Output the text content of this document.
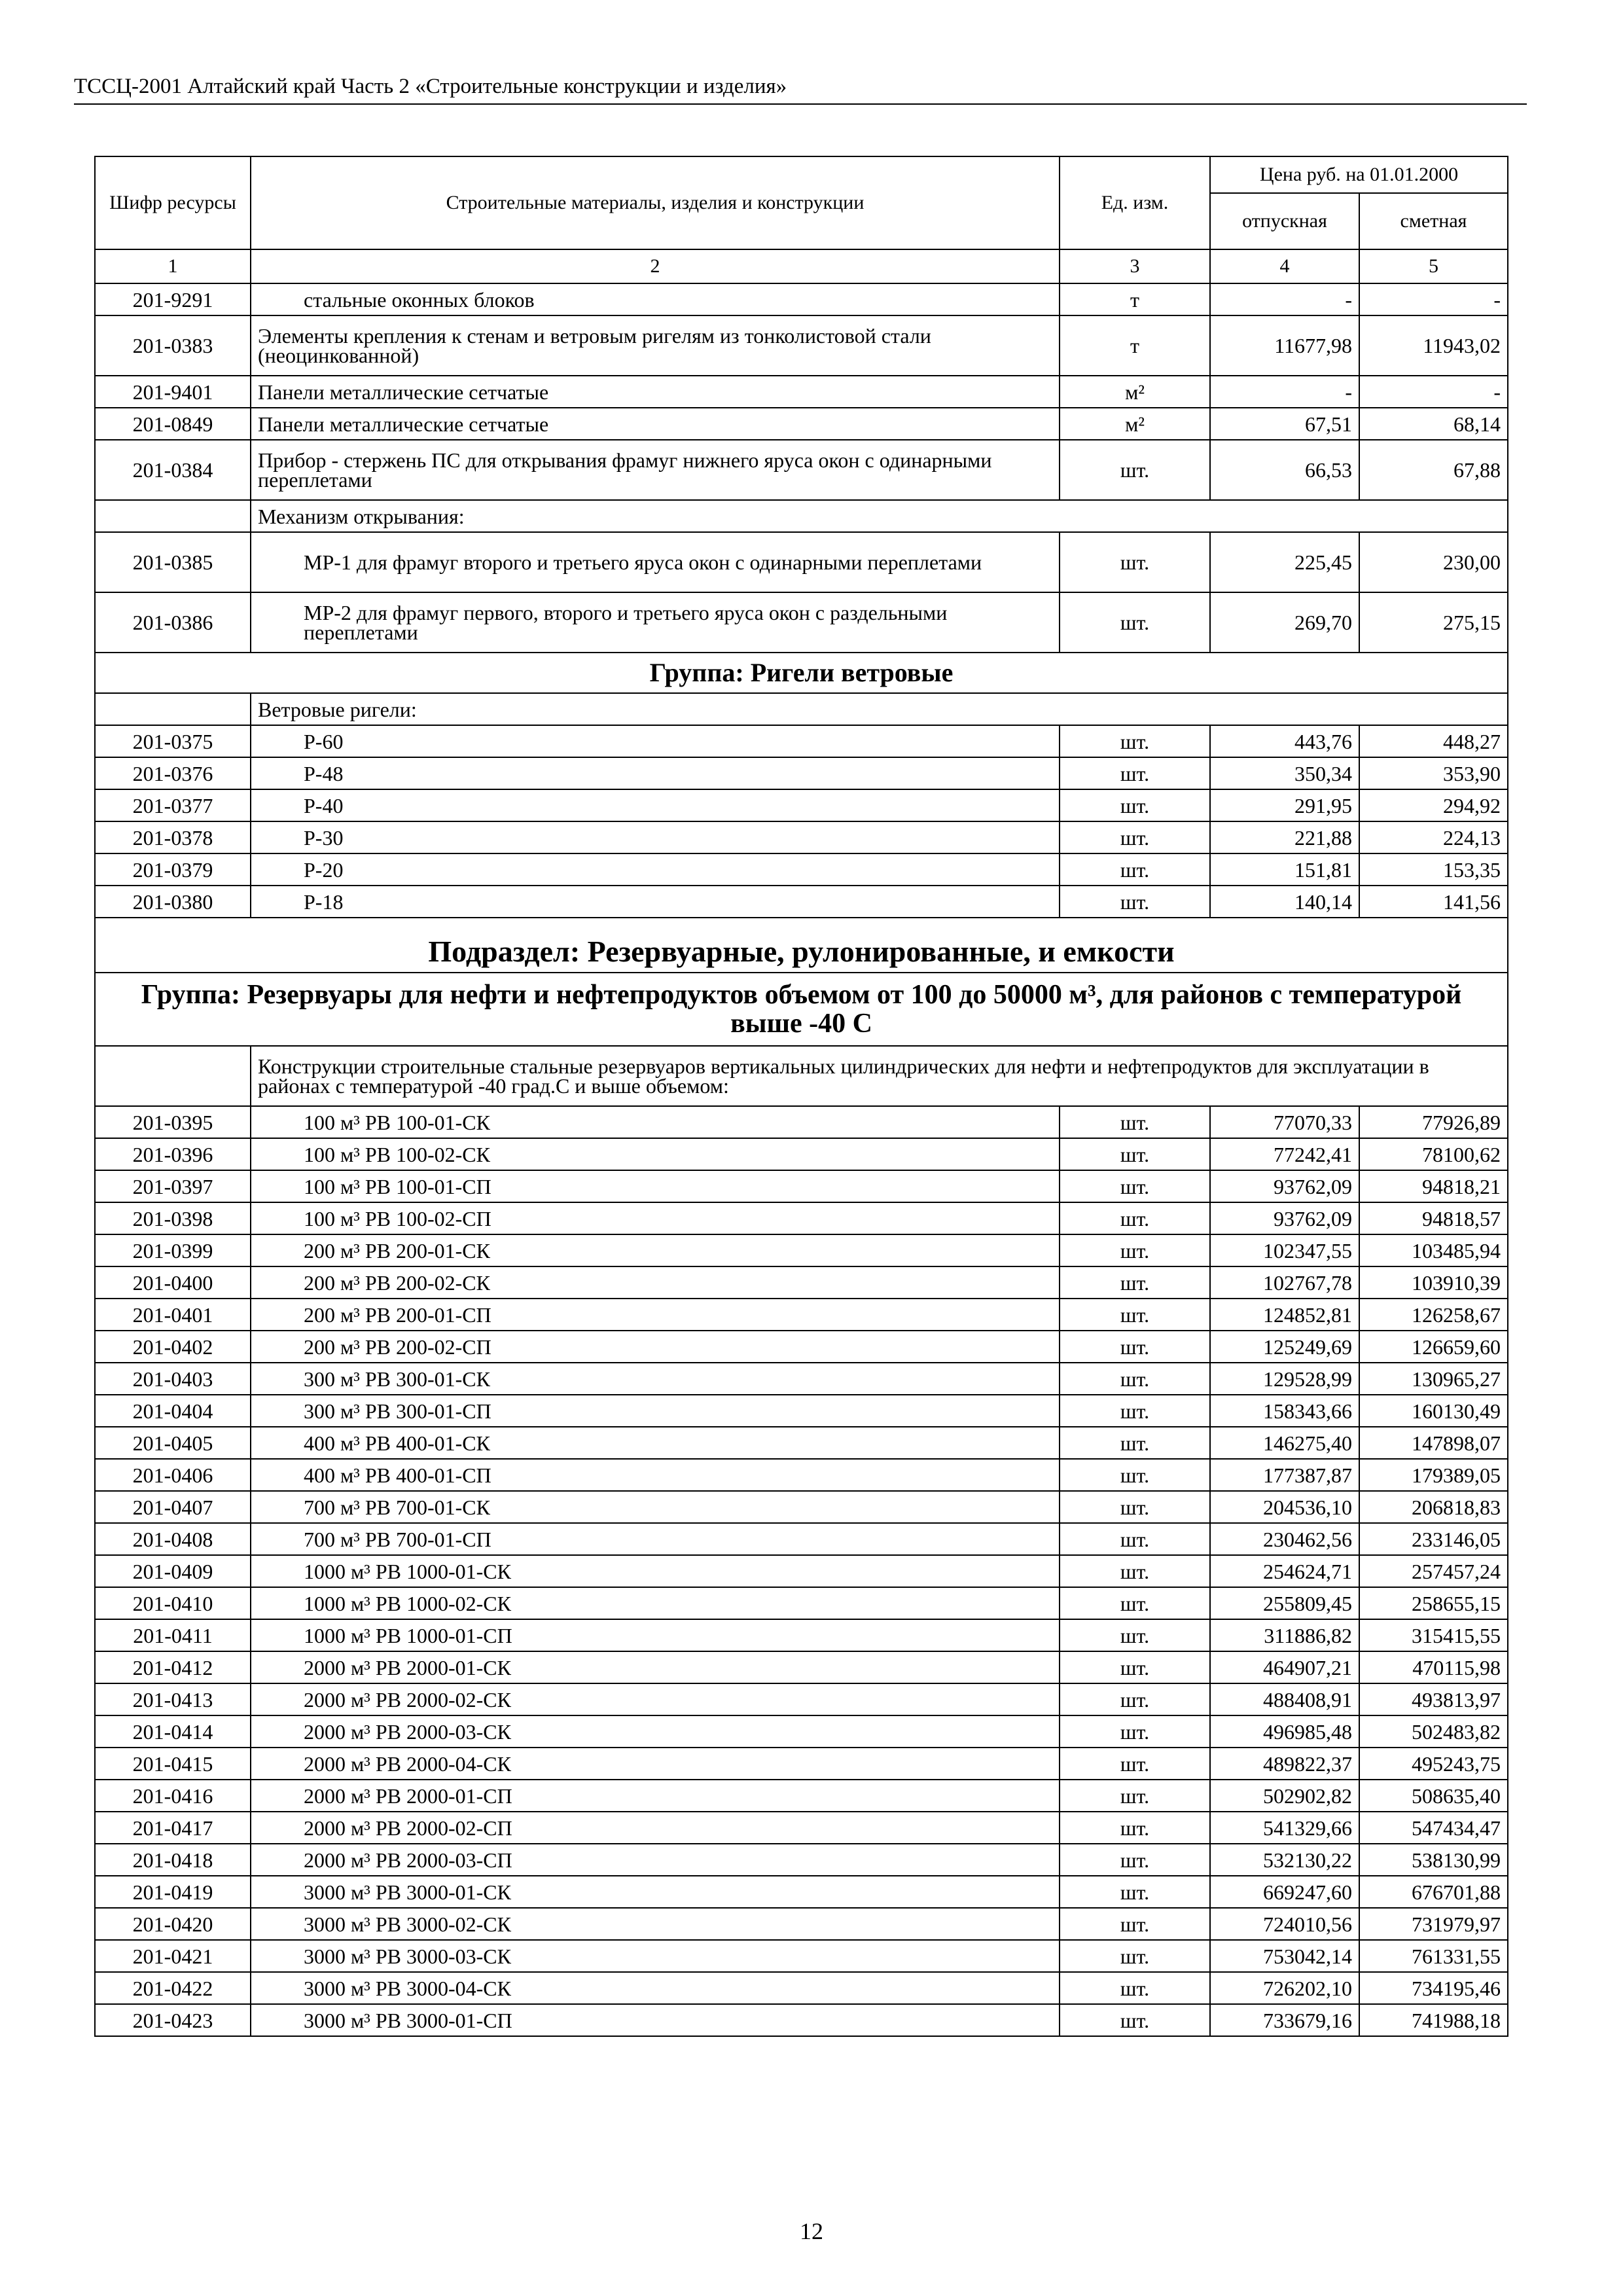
ТССЦ-2001 Алтайский край Часть 2 «Строительные конструкции и изделия»
Шифр ресурсы	Строительные материалы, изделия и конструкции	Ед. изм.	Цена руб. на 01.01.2000	
			отпускная	сметная
1	2	3	4	5
201-9291	стальные оконных блоков	т	-	-
201-0383	Элементы крепления к стенам и ветровым ригелям из тонколистовой стали (неоцинкованной)	т	11677,98	11943,02
201-9401	Панели металлические сетчатые	м²	-	-
201-0849	Панели металлические сетчатые	м²	67,51	68,14
201-0384	Прибор - стержень ПС для открывания фрамуг нижнего яруса окон с одинарными переплетами	шт.	66,53	67,88
	Механизм открывания:			
201-0385	МР-1 для фрамуг второго и третьего яруса окон с одинарными переплетами	шт.	225,45	230,00
201-0386	МР-2 для фрамуг первого, второго и третьего яруса окон с раздельными переплетами	шт.	269,70	275,15
Группа: Ригели ветровые				
	Ветровые ригели:			
201-0375	Р-60	шт.	443,76	448,27
201-0376	Р-48	шт.	350,34	353,90
201-0377	Р-40	шт.	291,95	294,92
201-0378	Р-30	шт.	221,88	224,13
201-0379	Р-20	шт.	151,81	153,35
201-0380	Р-18	шт.	140,14	141,56
Подраздел: Резервуарные, рулонированные, и емкости				
Группа: Резервуары для нефти и нефтепродуктов объемом от 100 до 50000 м³, для районов с температурой выше -40 С				
	Конструкции строительные стальные резервуаров вертикальных цилиндрических для нефти и нефтепродуктов для эксплуатации в районах с температурой -40 град.С и выше объемом:			
201-0395	100 м³ РВ 100-01-СК	шт.	77070,33	77926,89
201-0396	100 м³ РВ 100-02-СК	шт.	77242,41	78100,62
201-0397	100 м³ РВ 100-01-СП	шт.	93762,09	94818,21
201-0398	100 м³ РВ 100-02-СП	шт.	93762,09	94818,57
201-0399	200 м³ РВ 200-01-СК	шт.	102347,55	103485,94
201-0400	200 м³ РВ 200-02-СК	шт.	102767,78	103910,39
201-0401	200 м³ РВ 200-01-СП	шт.	124852,81	126258,67
201-0402	200 м³ РВ 200-02-СП	шт.	125249,69	126659,60
201-0403	300 м³ РВ 300-01-СК	шт.	129528,99	130965,27
201-0404	300 м³ РВ 300-01-СП	шт.	158343,66	160130,49
201-0405	400 м³ РВ 400-01-СК	шт.	146275,40	147898,07
201-0406	400 м³ РВ 400-01-СП	шт.	177387,87	179389,05
201-0407	700 м³ РВ 700-01-СК	шт.	204536,10	206818,83
201-0408	700 м³ РВ 700-01-СП	шт.	230462,56	233146,05
201-0409	1000 м³ РВ 1000-01-СК	шт.	254624,71	257457,24
201-0410	1000 м³ РВ 1000-02-СК	шт.	255809,45	258655,15
201-0411	1000 м³ РВ 1000-01-СП	шт.	311886,82	315415,55
201-0412	2000 м³ РВ 2000-01-СК	шт.	464907,21	470115,98
201-0413	2000 м³ РВ 2000-02-СК	шт.	488408,91	493813,97
201-0414	2000 м³ РВ 2000-03-СК	шт.	496985,48	502483,82
201-0415	2000 м³ РВ 2000-04-СК	шт.	489822,37	495243,75
201-0416	2000 м³ РВ 2000-01-СП	шт.	502902,82	508635,40
201-0417	2000 м³ РВ 2000-02-СП	шт.	541329,66	547434,47
201-0418	2000 м³ РВ 2000-03-СП	шт.	532130,22	538130,99
201-0419	3000 м³ РВ 3000-01-СК	шт.	669247,60	676701,88
201-0420	3000 м³ РВ 3000-02-СК	шт.	724010,56	731979,97
201-0421	3000 м³ РВ 3000-03-СК	шт.	753042,14	761331,55
201-0422	3000 м³ РВ 3000-04-СК	шт.	726202,10	734195,46
201-0423	3000 м³ РВ 3000-01-СП	шт.	733679,16	741988,18
12
